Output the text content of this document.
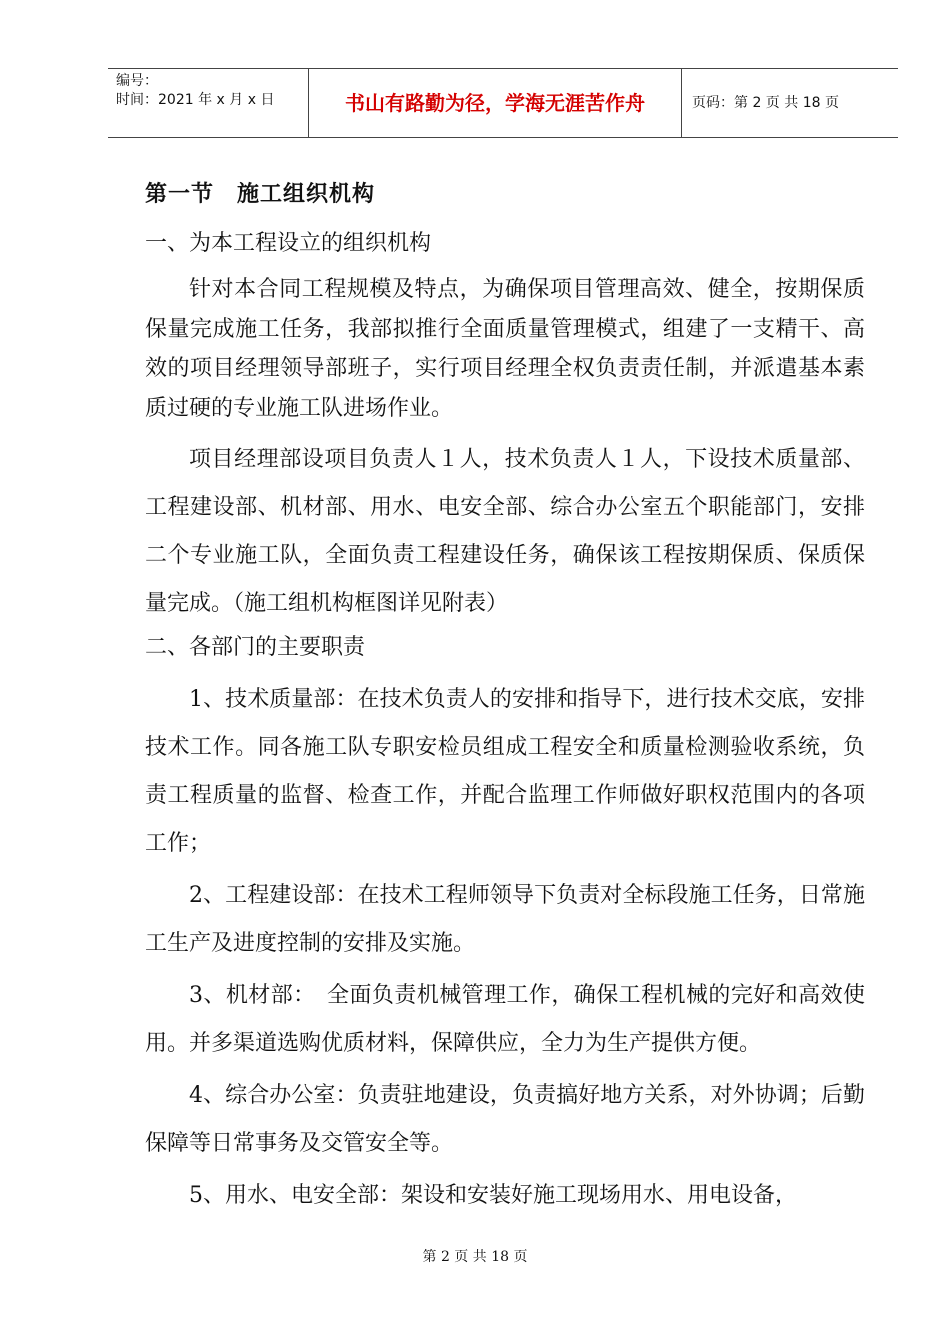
编号：
时间：2021 年 x 月 x 日	书山有路勤为径，学海无涯苦作舟	页码：第 2 页 共 18 页
第一节　施工组织机构
一、为本工程设立的组织机构

针对本合同工程规模及特点，为确保项目管理高效、健全，按期保质保量完成施工任务，我部拟推行全面质量管理模式，组建了一支精干、高效的项目经理领导部班子，实行项目经理全权负责责任制，并派遣基本素质过硬的专业施工队进场作业。

项目经理部设项目负责人１人，技术负责人１人，下设技术质量部、工程建设部、机材部、用水、电安全部、综合办公室五个职能部门，安排二个专业施工队，全面负责工程建设任务，确保该工程按期保质、保质保量完成。（施工组机构框图详见附表）

二、各部门的主要职责

1、技术质量部：在技术负责人的安排和指导下，进行技术交底，安排技术工作。同各施工队专职安检员组成工程安全和质量检测验收系统，负责工程质量的监督、检查工作，并配合监理工作师做好职权范围内的各项工作；

2、工程建设部：在技术工程师领导下负责对全标段施工任务，日常施工生产及进度控制的安排及实施。

3、机材部：　全面负责机械管理工作，确保工程机械的完好和高效使用。并多渠道选购优质材料，保障供应，全力为生产提供方便。

4、综合办公室：负责驻地建设，负责搞好地方关系，对外协调；后勤保障等日常事务及交管安全等。

5、用水、电安全部：架设和安装好施工现场用水、用电设备，

第 2 页 共 18 页
